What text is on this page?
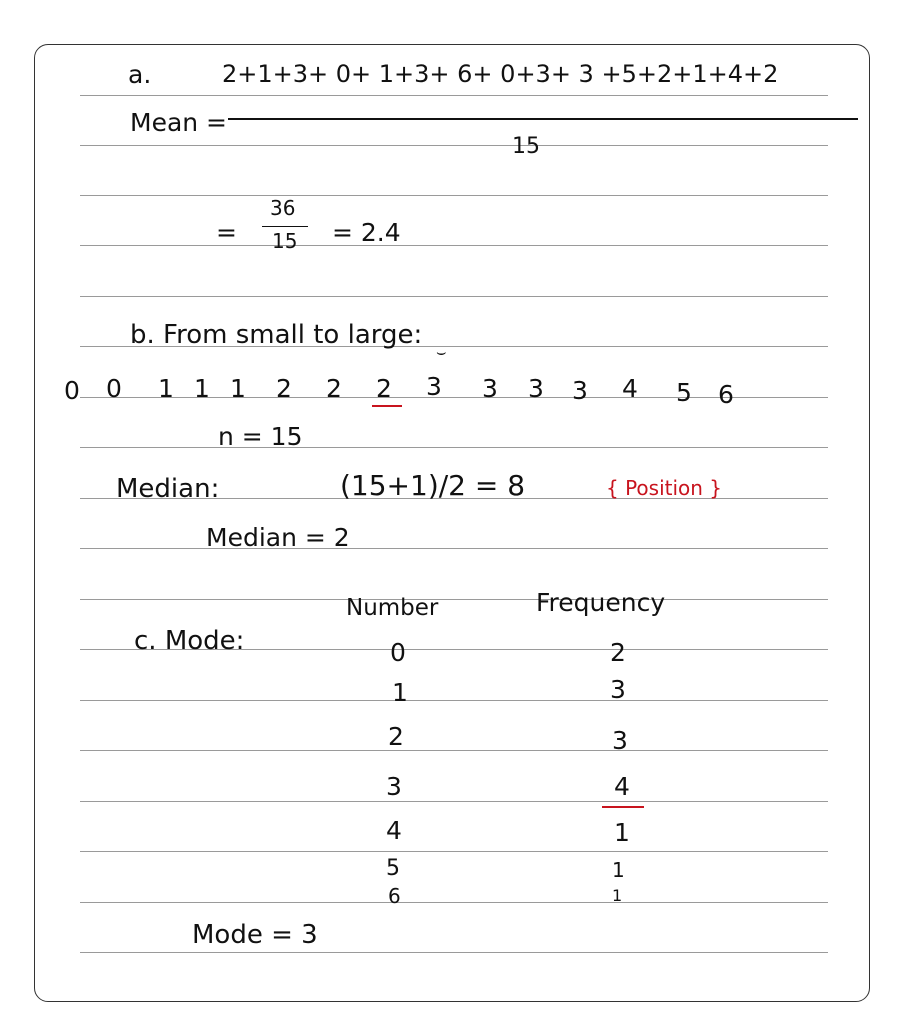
a.	2+1+3+ 0+ 1+3+ 6+ 0+3+ 3 +5+2+1+4+2
Mean =
15
=
36
15 = 2.4
b. From small to large:
⌣
0 0 1 1 1 2 2 2 3 3 3 3 4 5 6
n = 15
Median:	(15+1)/2 = 8	{ Position }
Median = 2
Number	Frequency
c. Mode:	0	2
1	3
2	3
3	4
4	1
5	1
6	1
Mode = 3
